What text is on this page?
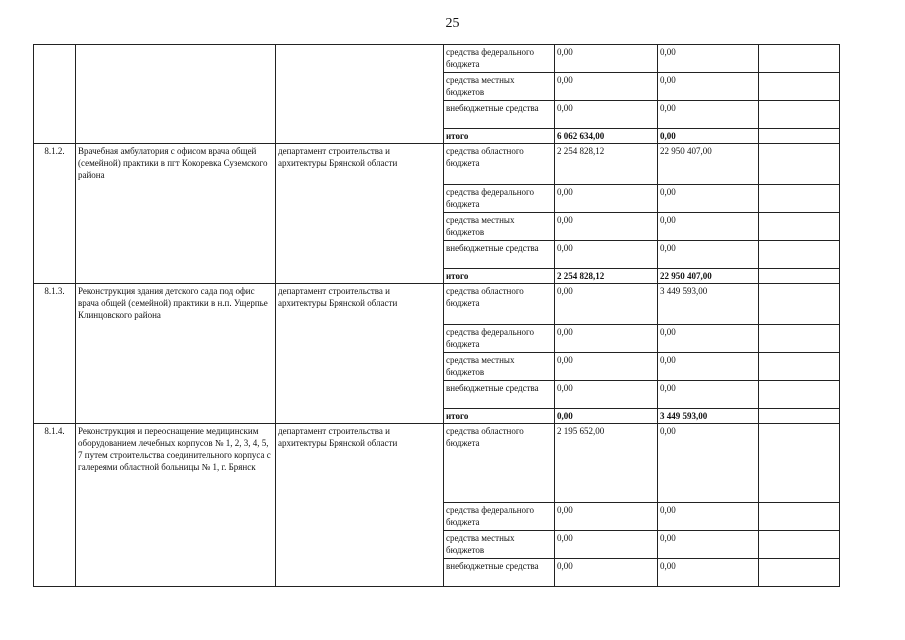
25
			средства федерального бюджета	0,00	0,00	
			средства местных бюджетов	0,00	0,00	
			внебюджетные средства	0,00	0,00	
			итого	6 062 634,00	0,00	
8.1.2.	Врачебная амбулатория с офисом врача общей (семейной) практики в пгт Кокоревка Суземского района	департамент строительства и архитектуры Брянской области	средства областного бюджета	2 254 828,12	22 950 407,00	
			средства федерального бюджета	0,00	0,00	
			средства местных бюджетов	0,00	0,00	
			внебюджетные средства	0,00	0,00	
			итого	2 254 828,12	22 950 407,00	
8.1.3.	Реконструкция здания детского сада под офис врача общей (семейной) практики в н.п. Ущерпье Клинцовского района	департамент строительства и архитектуры Брянской области	средства областного бюджета	0,00	3 449 593,00	
			средства федерального бюджета	0,00	0,00	
			средства местных бюджетов	0,00	0,00	
			внебюджетные средства	0,00	0,00	
			итого	0,00	3 449 593,00	
8.1.4.	Реконструкция и переоснащение медицинским оборудованием лечебных корпусов № 1, 2, 3, 4, 5, 7 путем строительства соединительного корпуса с галереями областной больницы № 1, г. Брянск	департамент строительства и архитектуры Брянской области	средства областного бюджета	2 195 652,00	0,00	
			средства федерального бюджета	0,00	0,00	
			средства местных бюджетов	0,00	0,00	
			внебюджетные средства	0,00	0,00	
